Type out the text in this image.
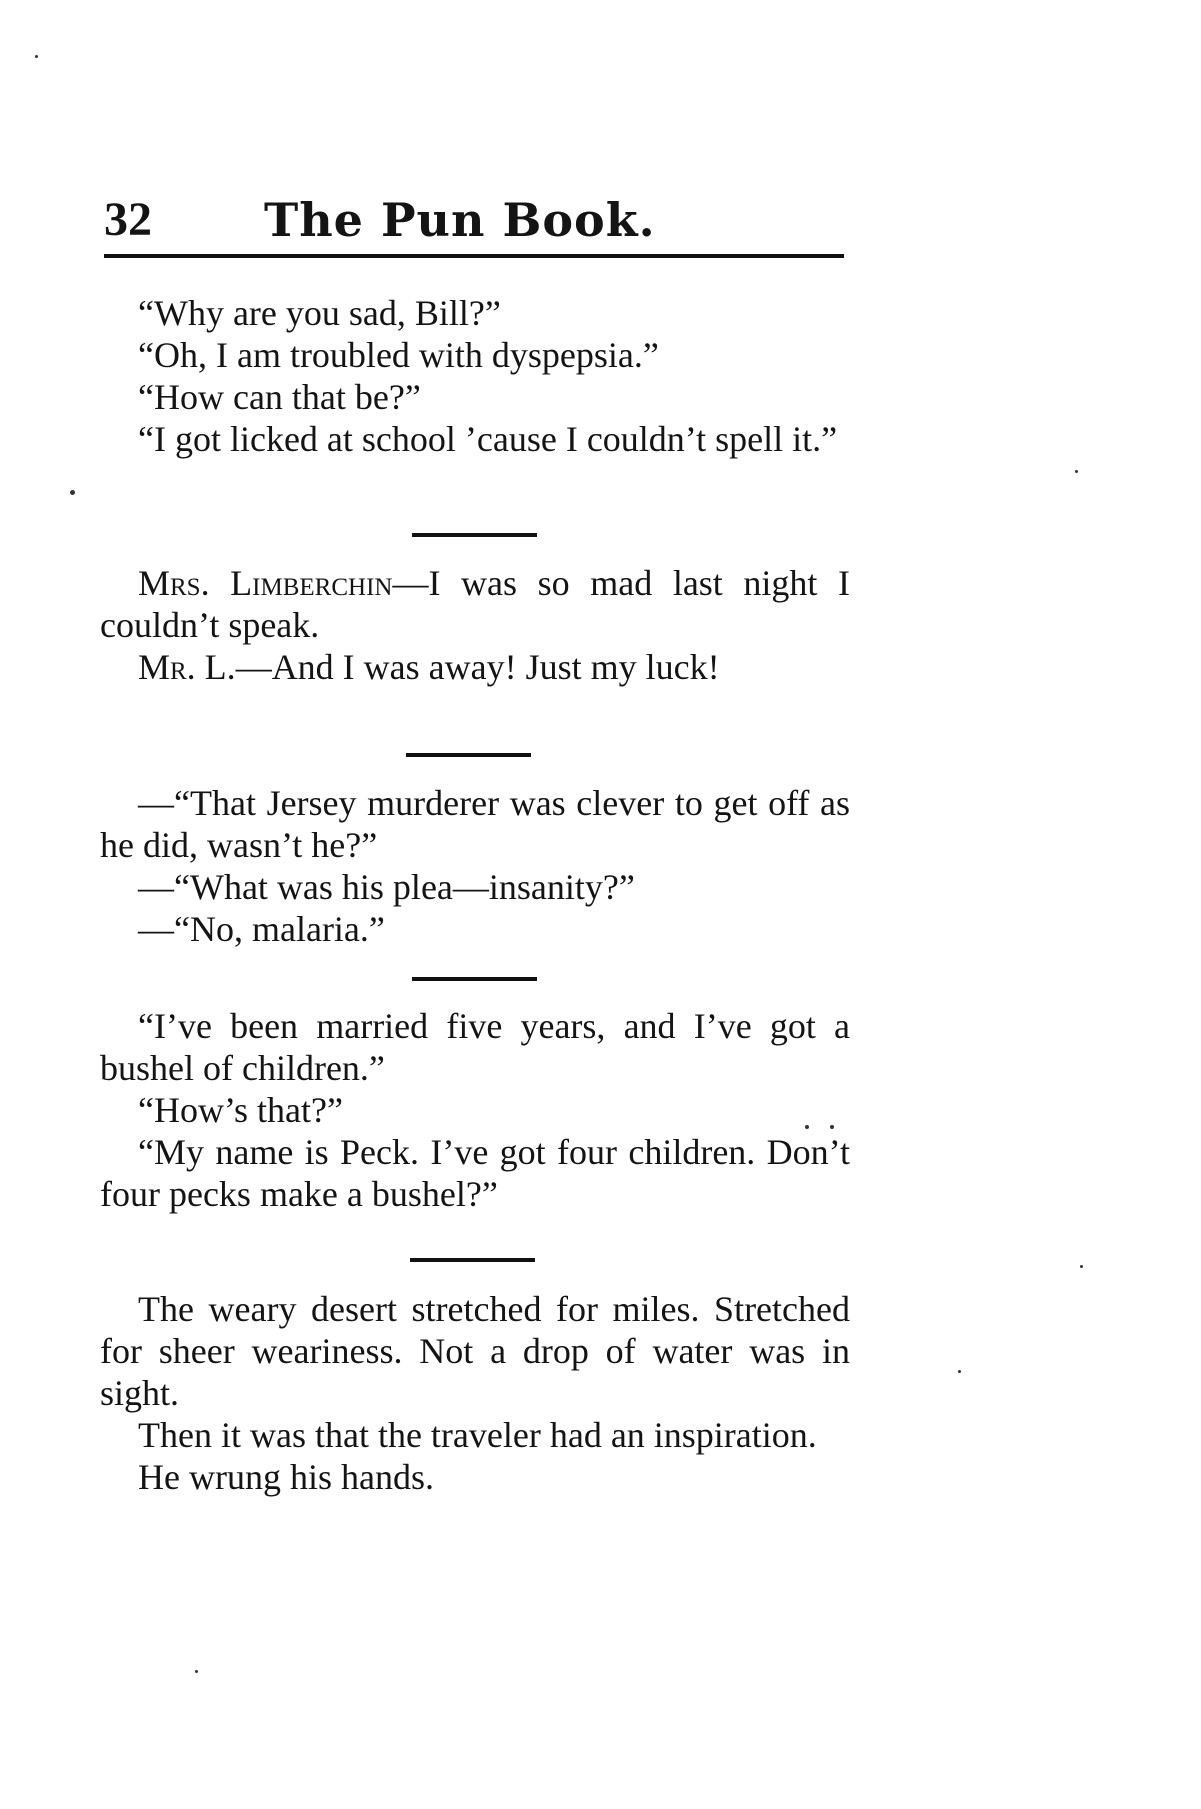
32 The Pun Book.

“Why are you sad, Bill?”

“Oh, I am troubled with dyspepsia.”

“How can that be?”

“I got licked at school ’cause I couldn’t spell it.”

Mrs. Limberchin—I was so mad last night I couldn’t speak.

Mr. L.—And I was away! Just my luck!

—“That Jersey murderer was clever to get off as he did, wasn’t he?”

—“What was his plea—insanity?”

—“No, malaria.”

“I’ve been married five years, and I’ve got a bushel of children.”

“How’s that?”

“My name is Peck. I’ve got four children. Don’t four pecks make a bushel?”

The weary desert stretched for miles. Stretched for sheer weariness. Not a drop of water was in sight.

Then it was that the traveler had an inspiration.

He wrung his hands.
